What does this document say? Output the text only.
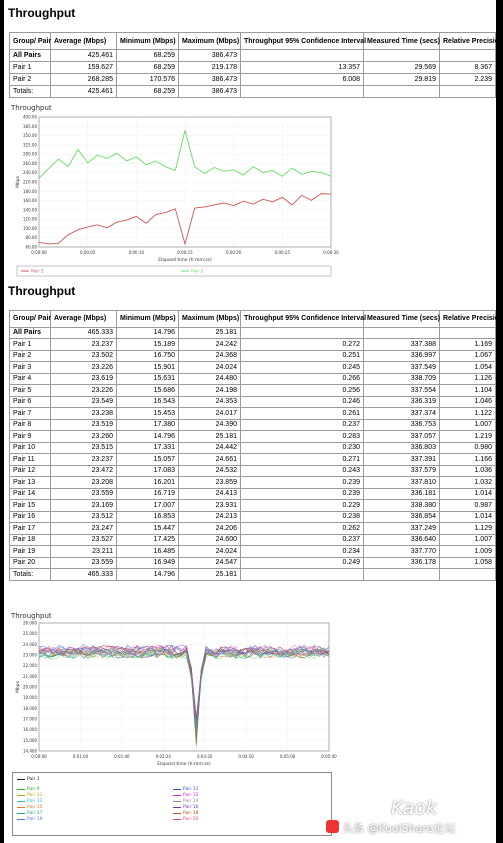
Throughput
Group/ Pair	Average (Mbps)	Minimum (Mbps)	Maximum (Mbps)	Throughput 95% Confidence Interval	Measured Time (secs)	Relative Precision
All Pairs	425.461	68.259	386.473			
Pair 1	159.627	68.259	219.178	13.357	29.569	8.367
Pair 2	268.285	170.576	386.473	6.008	29.819	2.239
Totals:	425.461	68.259	386.473			
Throughput
400.00
385.00
350.00
325.00
280.00
260.00
240.00
220.00
180.00
160.00
140.00
120.00
100.00
80.00
60.00
0:00:00	0:00:05	0:00:10	0:00:15	0:00:20	0:00:25	0:00:30
Elapsed time (h:mm:ss)
Mbps
Pair 1	Pair 2
Throughput
Group/ Pair	Average (Mbps)	Minimum (Mbps)	Maximum (Mbps)	Throughput 95% Confidence Interval	Measured Time (secs)	Relative Precision
All Pairs	465.333	14.796	25.181			
Pair 1	23.237	15.189	24.242	0.272	337.388	1.169
Pair 2	23.502	16.750	24.368	0.251	336.997	1.067
Pair 3	23.226	15.901	24.024	0.245	337.549	1.054
Pair 4	23.619	15.631	24.480	0.266	338.709	1.126
Pair 5	23.226	15.686	24.198	0.256	337.554	1.104
Pair 6	23.549	16.543	24.353	0.246	336.319	1.046
Pair 7	23.238	15.453	24.017	0.261	337.374	1.122
Pair 8	23.519	17.380	24.390	0.237	336.753	1.007
Pair 9	23.260	14.796	25.181	0.283	337.057	1.219
Pair 10	23.515	17.331	24.442	0.230	336.803	0.980
Pair 11	23.237	15.057	24.661	0.271	337.391	1.166
Pair 12	23.472	17.083	24.532	0.243	337.579	1.036
Pair 13	23.208	16.201	23.859	0.239	337.810	1.032
Pair 14	23.559	16.719	24.413	0.239	336.181	1.014
Pair 15	23.169	17.007	23.931	0.229	338.380	0.987
Pair 16	23.512	16.853	24.213	0.238	336.854	1.014
Pair 17	23.247	15.447	24.206	0.262	337.249	1.129
Pair 18	23.527	17.425	24.600	0.237	336.640	1.007
Pair 19	23.211	16.485	24.024	0.234	337.770	1.009
Pair 20	23.559	16.949	24.547	0.249	336.178	1.058
Totals:	465.333	14.796	25.181			
Throughput
26.000
25.000
24.000
23.000
22.000
21.000
20.000
19.000
18.000
17.000
16.000
15.000
14.400
0:00:00	0:01:00	0:01:40	0:02:20	0:03:20	0:04:10	0:05:00	0:05:40
Elapsed time (h:mm:ss)
Mbps
Pair 1
Pair 9	Pair 11
Pair 11	Pair 12
Pair 13	Pair 14
Pair 15	Pair 16
Pair 17	Pair 18
Pair 19	Pair 20
Kaok
头条 @KoolShare论坛
